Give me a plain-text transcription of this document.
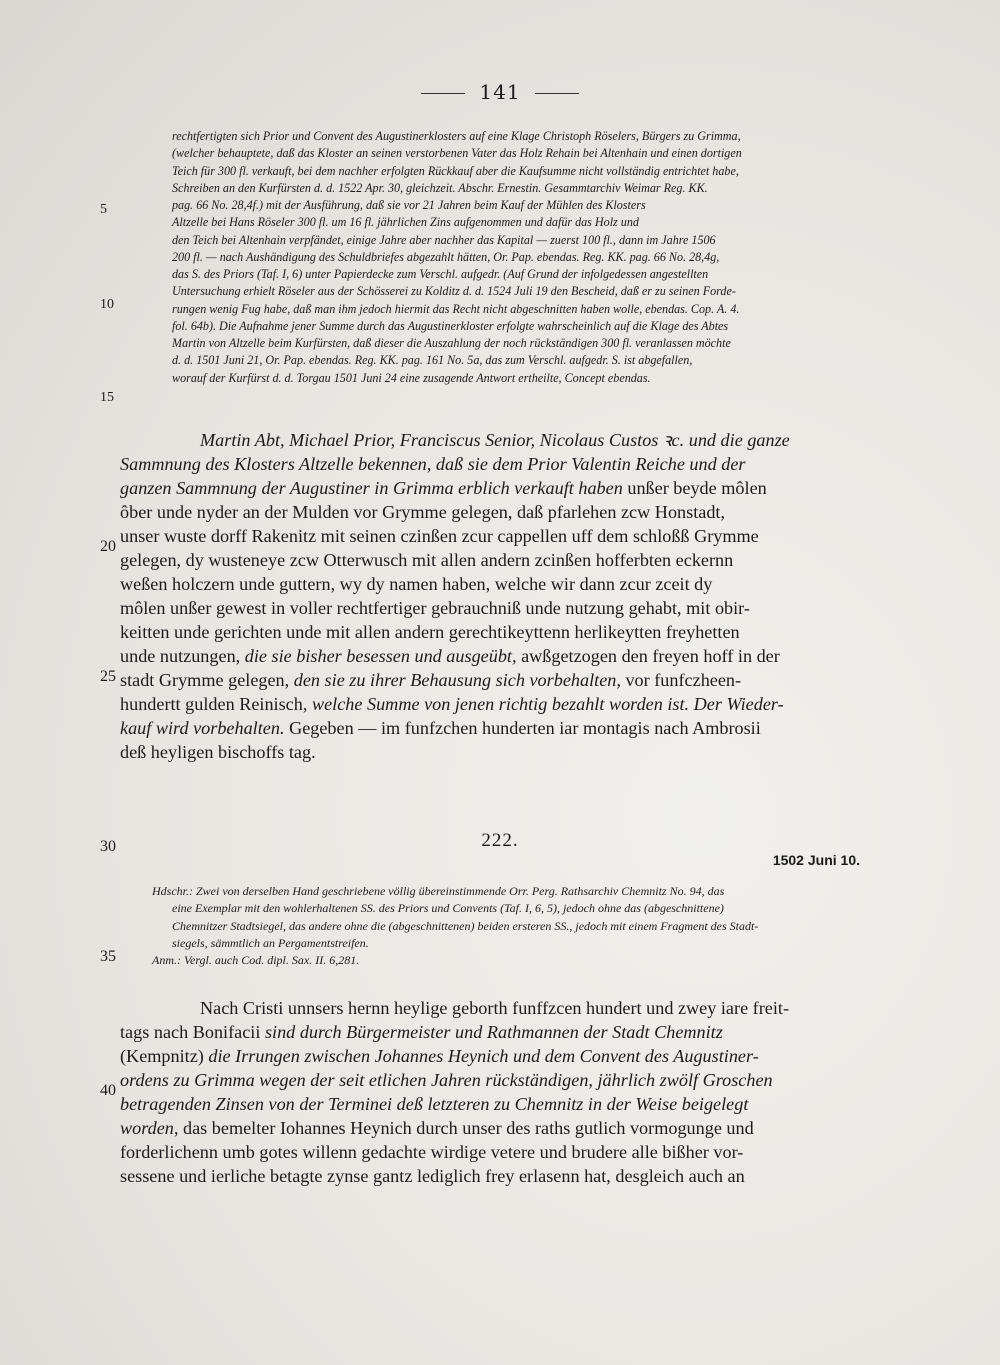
141
5
10
15
20
25
30
35
40
rechtfertigten sich Prior und Convent des Augustinerklosters auf eine Klage Christoph Röselers, Bürgers zu Grimma,
(welcher behauptete, daß das Kloster an seinen verstorbenen Vater das Holz Rehain bei Altenhain und einen dortigen
Teich für 300 fl. verkauft, bei dem nachher erfolgten Rückkauf aber die Kaufsumme nicht vollständig entrichtet habe,
Schreiben an den Kurfürsten d. d. 1522 Apr. 30, gleichzeit. Abschr. Ernestin. Gesammtarchiv Weimar Reg. KK.
pag. 66 No. 28,4f.) mit der Ausführung, daß sie vor 21 Jahren beim Kauf der Mühlen des Klosters
Altzelle bei Hans Röseler 300 fl. um 16 fl. jährlichen Zins aufgenommen und dafür das Holz und
den Teich bei Altenhain verpfändet, einige Jahre aber nachher das Kapital — zuerst 100 fl., dann im Jahre 1506
200 fl. — nach Aushändigung des Schuldbriefes abgezahlt hätten, Or. Pap. ebendas. Reg. KK. pag. 66 No. 28,4g,
das S. des Priors (Taf. I, 6) unter Papierdecke zum Verschl. aufgedr. (Auf Grund der infolgedessen angestellten
Untersuchung erhielt Röseler aus der Schösserei zu Kolditz d. d. 1524 Juli 19 den Bescheid, daß er zu seinen Forde-
rungen wenig Fug habe, daß man ihm jedoch hiermit das Recht nicht abgeschnitten haben wolle, ebendas. Cop. A. 4.
fol. 64b). Die Aufnahme jener Summe durch das Augustinerkloster erfolgte wahrscheinlich auf die Klage des Abtes
Martin von Altzelle beim Kurfürsten, daß dieser die Auszahlung der noch rückständigen 300 fl. veranlassen möchte
d. d. 1501 Juni 21, Or. Pap. ebendas. Reg. KK. pag. 161 No. 5a, das zum Verschl. aufgedr. S. ist abgefallen,
worauf der Kurfürst d. d. Torgau 1501 Juni 24 eine zusagende Antwort ertheilte, Concept ebendas.
Martin Abt, Michael Prior, Franciscus Senior, Nicolaus Custos ꝛc. und die ganze
Sammnung des Klosters Altzelle bekennen, daß sie dem Prior Valentin Reiche und der
ganzen Sammnung der Augustiner in Grimma erblich verkauft haben unßer beyde môlen
ôber unde nyder an der Mulden vor Grymme gelegen, daß pfarlehen zcw Honstadt,
unser wuste dorff Rakenitz mit seinen czinßen zcur cappellen uff dem schloßß Grymme
gelegen, dy wusteneye zcw Otterwusch mit allen andern zcinßen hofferbten eckernn
weßen holczern unde guttern, wy dy namen haben, welche wir dann zcur zceit dy
môlen unßer gewest in voller rechtfertiger gebrauchniß unde nutzung gehabt, mit obir-
keitten unde gerichten unde mit allen andern gerechtikeyttenn herlikeytten freyhetten
unde nutzungen, die sie bisher besessen und ausgeübt, awßgetzogen den freyen hoff in der
stadt Grymme gelegen, den sie zu ihrer Behausung sich vorbehalten, vor funfczheen-
hundertt gulden Reinisch, welche Summe von jenen richtig bezahlt worden ist. Der Wieder-
kauf wird vorbehalten. Gegeben — im funfzchen hunderten iar montagis nach Ambrosii
deß heyligen bischoffs tag.
222.
1502 Juni 10.
Hdschr.: Zwei von derselben Hand geschriebene völlig übereinstimmende Orr. Perg. Rathsarchiv Chemnitz No. 94, das
eine Exemplar mit den wohlerhaltenen SS. des Priors und Convents (Taf. I, 6, 5), jedoch ohne das (abgeschnittene)
Chemnitzer Stadtsiegel, das andere ohne die (abgeschnittenen) beiden ersteren SS., jedoch mit einem Fragment des Stadt-
siegels, sämmtlich an Pergamentstreifen.
Anm.: Vergl. auch Cod. dipl. Sax. II. 6,281.
Nach Cristi unnsers hernn heylige geborth funffzcen hundert und zwey iare freit-
tags nach Bonifacii sind durch Bürgermeister und Rathmannen der Stadt Chemnitz
(Kempnitz) die Irrungen zwischen Johannes Heynich und dem Convent des Augustiner-
ordens zu Grimma wegen der seit etlichen Jahren rückständigen, jährlich zwölf Groschen
betragenden Zinsen von der Terminei deß letzteren zu Chemnitz in der Weise beigelegt
worden, das bemelter Iohannes Heynich durch unser des raths gutlich vormogunge und
forderlichenn umb gotes willenn gedachte wirdige vetere und brudere alle bißher vor-
sessene und ierliche betagte zynse gantz lediglich frey erlasenn hat, desgleich auch an
